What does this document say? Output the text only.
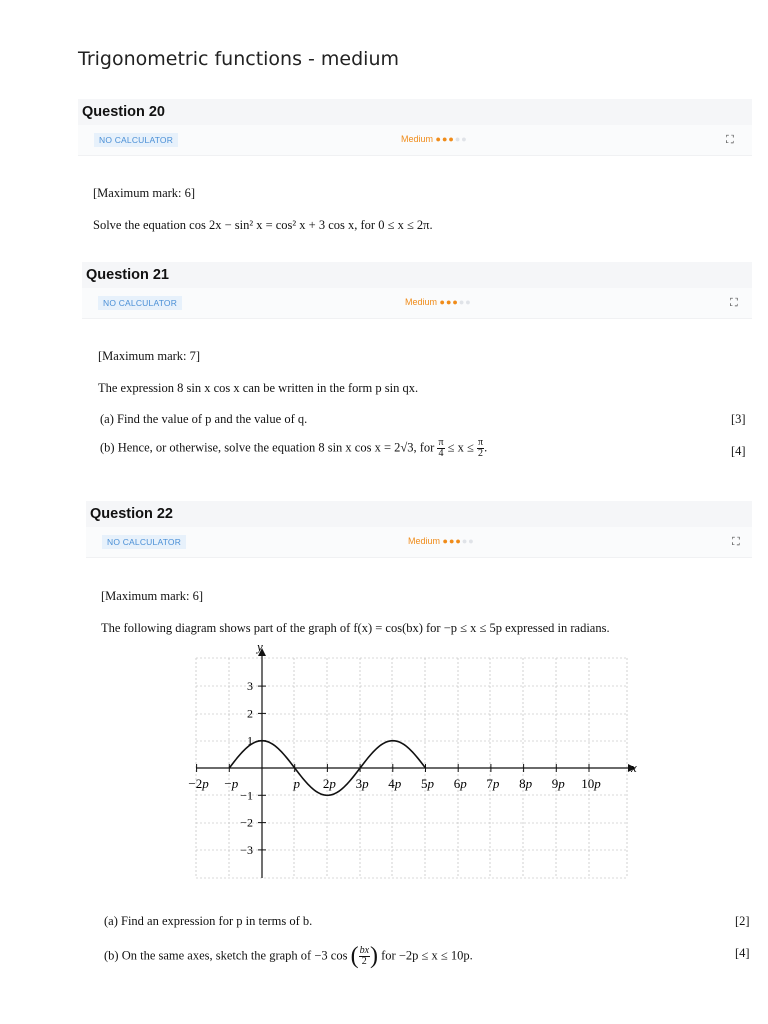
Trigonometric functions - medium
Question 20
NO CALCULATOR	Medium ●●●●●	⛶
[Maximum mark: 6]
Solve the equation cos 2x − sin² x = cos² x + 3 cos x, for 0 ≤ x ≤ 2π.
Question 21
NO CALCULATOR	Medium ●●●●●	⛶
[Maximum mark: 7]
The expression 8 sin x cos x can be written in the form p sin qx.
(a) Find the value of p and the value of q.	[3]
(b) Hence, or otherwise, solve the equation 8 sin x cos x = 2√3, for $\frac{\pi}{4} \le x \le \frac{\pi}{2}$ .	[4]
Question 22
NO CALCULATOR	Medium ●●●●●	⛶
[Maximum mark: 6]
The following diagram shows part of the graph of f(x) = cos(bx) for −p ≤ x ≤ 5p expressed in radians.
y
x
−2p −p	p 2p 3p 4p 5p 6p 7p 8p 9p 10p
3
2
1
−1
−2
−3
(a) Find an expression for p in terms of b.	[2]
(b) On the same axes, sketch the graph of −3 cos ( $\frac{bx}{2}$ ) for −2p ≤ x ≤ 10p.	[4]
